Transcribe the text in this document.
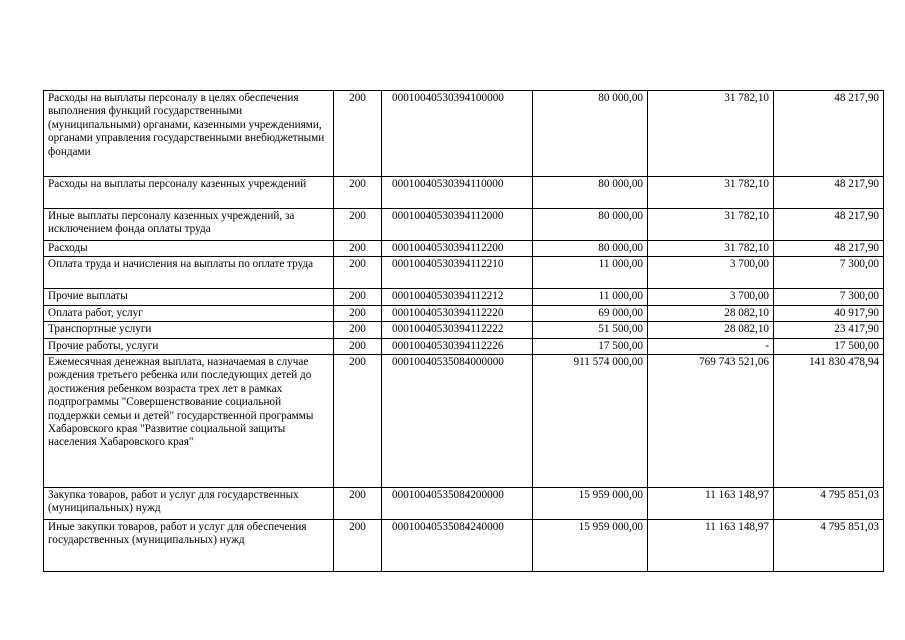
Расходы на выплаты персоналу в целях обеспечения выполнения функций государственными (муниципальными) органами, казенными учреждениями, органами управления государственными внебюджетными фондами	200	00010040530394100000	80 000,00	31 782,10	48 217,90
Расходы на выплаты персоналу казенных учреждений	200	00010040530394110000	80 000,00	31 782,10	48 217,90
Иные выплаты персоналу казенных учреждений, за исключением фонда оплаты труда	200	00010040530394112000	80 000,00	31 782,10	48 217,90
Расходы	200	00010040530394112200	80 000,00	31 782,10	48 217,90
Оплата труда и начисления на выплаты по оплате труда	200	00010040530394112210	11 000,00	3 700,00	7 300,00
Прочие выплаты	200	00010040530394112212	11 000,00	3 700,00	7 300,00
Оплата работ, услуг	200	00010040530394112220	69 000,00	28 082,10	40 917,90
Транспортные услуги	200	00010040530394112222	51 500,00	28 082,10	23 417,90
Прочие работы, услуги	200	00010040530394112226	17 500,00	-	17 500,00
Ежемесячная денежная выплата, назначаемая в случае рождения третьего ребенка или последующих детей до достижения ребенком возраста трех лет в рамках подпрограммы "Совершенствование социальной поддержки семьи и детей" государственной программы Хабаровского края "Развитие социальной защиты населения Хабаровского края"	200	00010040535084000000	911 574 000,00	769 743 521,06	141 830 478,94
Закупка товаров, работ и услуг для государственных (муниципальных) нужд	200	00010040535084200000	15 959 000,00	11 163 148,97	4 795 851,03
Иные закупки товаров, работ и услуг для обеспечения государственных (муниципальных) нужд	200	00010040535084240000	15 959 000,00	11 163 148,97	4 795 851,03
